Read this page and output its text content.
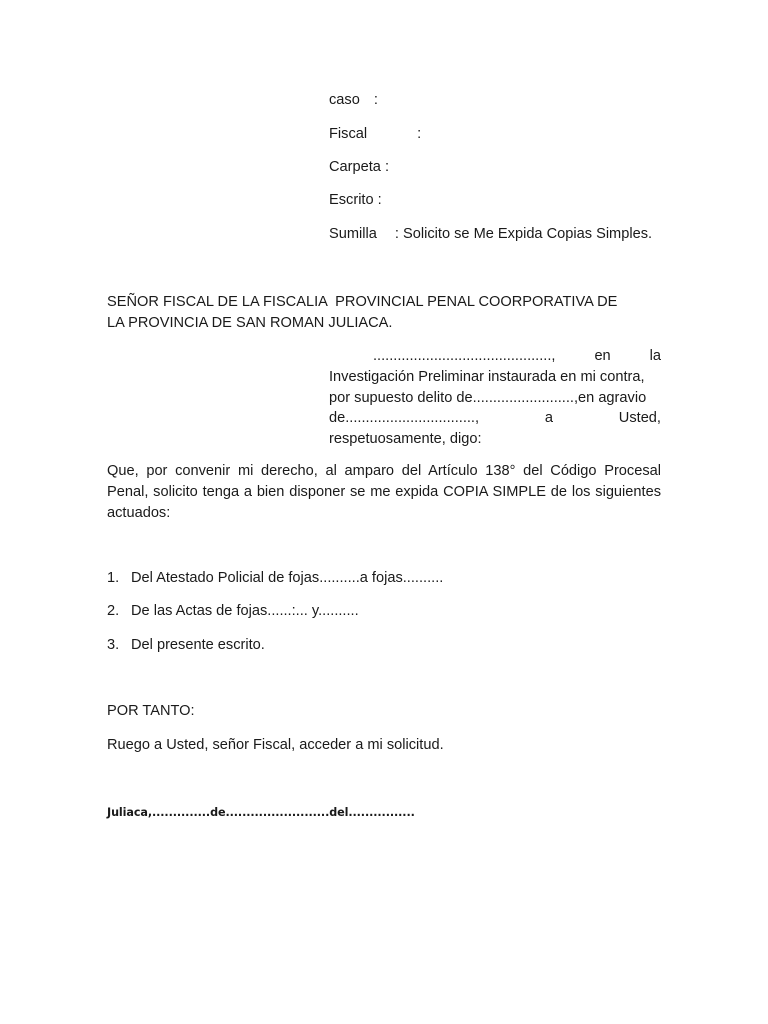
caso :
Fiscal	:
Carpeta :
Escrito :
Sumilla : Solicito se Me Expida Copias Simples.
SEÑOR FISCAL DE LA FISCALIA  PROVINCIAL PENAL COORPORATIVA DE
LA PROVINCIA DE SAN ROMAN JULIACA.
............................................,	en	la
Investigación Preliminar instaurada en mi contra,
por supuesto delito de.........................,en agravio
de................................,	a	Usted,
respetuosamente, digo:
Que, por convenir mi derecho, al amparo del Artículo 138° del Código Procesal Penal, solicito tenga a bien disponer se me expida COPIA SIMPLE de los siguientes actuados:
1. Del Atestado Policial de fojas..........a fojas..........
2. De las Actas de fojas......:... y..........
3. Del presente escrito.
POR TANTO:
Ruego a Usted, señor Fiscal, acceder a mi solicitud.
Juliaca,..............de.........................del................
